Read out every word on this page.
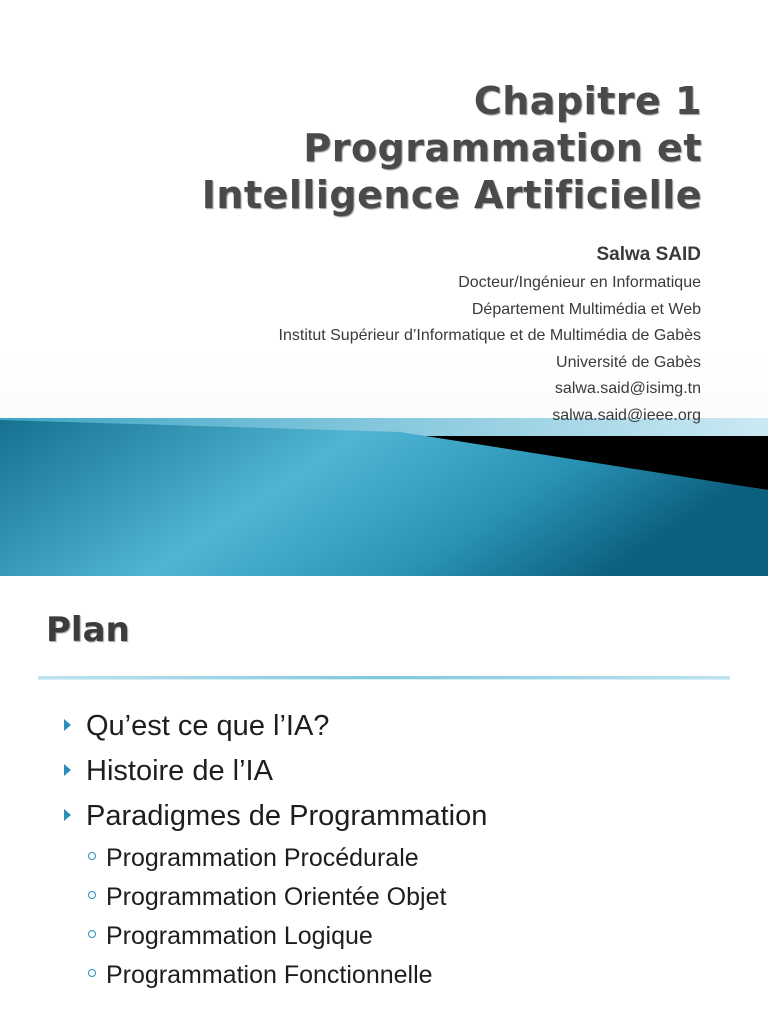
Chapitre 1
Programmation et
Intelligence Artificielle
Salwa SAID
Docteur/Ingénieur en Informatique
Département Multimédia et Web
Institut Supérieur d’Informatique et de Multimédia de Gabès
Université de Gabès
salwa.said@isimg.tn
salwa.said@ieee.org
Plan
Qu’est ce que l’IA?
Histoire de l’IA
Paradigmes de Programmation
Programmation Procédurale
Programmation Orientée Objet
Programmation Logique
Programmation Fonctionnelle
